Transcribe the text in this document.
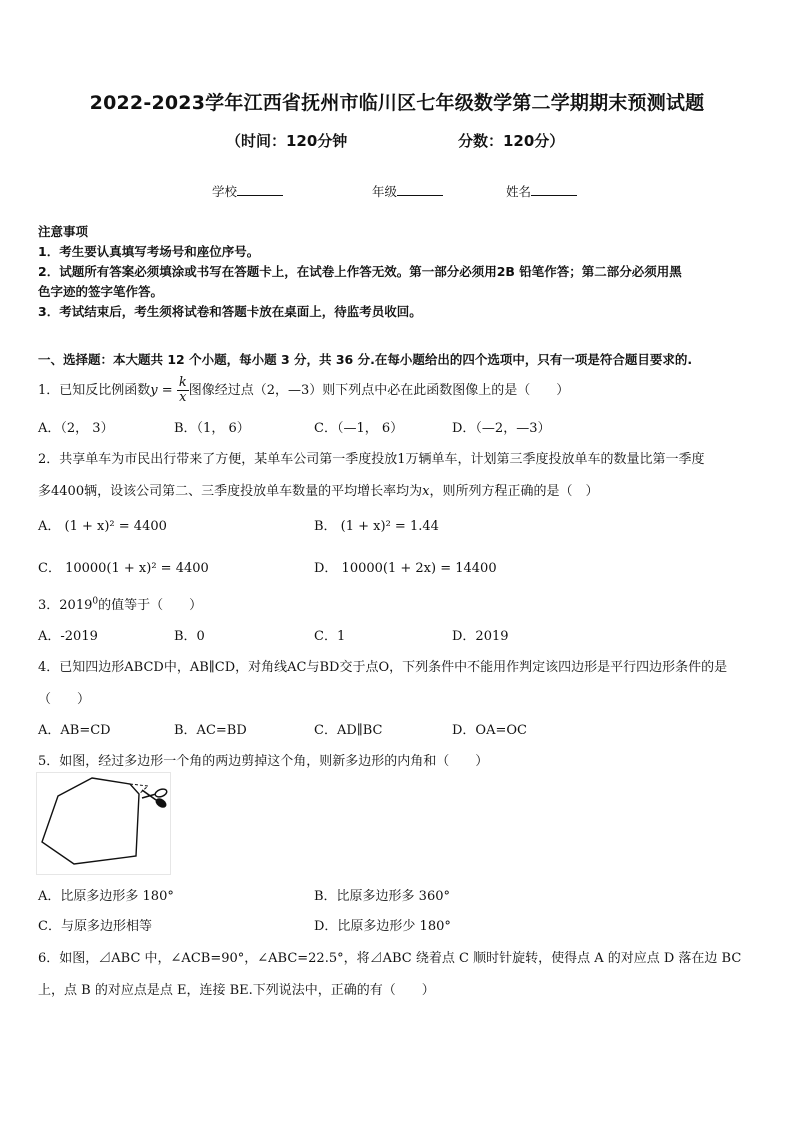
2022-2023学年江西省抚州市临川区七年级数学第二学期期末预测试题
（时间：120分钟	分数：120分）
学校	年级	姓名
注意事项
1．考生要认真填写考场号和座位序号。
2．试题所有答案必须填涂或书写在答题卡上，在试卷上作答无效。第一部分必须用2B 铅笔作答；第二部分必须用黑
色字迹的签字笔作答。
3．考试结束后，考生须将试卷和答题卡放在桌面上，待监考员收回。
一、选择题：本大题共 12 个小题，每小题 3 分，共 36 分.在每小题给出的四个选项中，只有一项是符合题目要求的.
1．已知反比例函数$y = \frac{k}{x}$ 图像经过点（2，—3）则下列点中必在此函数图像上的是（　　）
A．（2， 3）	B．（1， 6）	C．（—1， 6）	D．（—2，—3）
2．共享单车为市民出行带来了方便，某单车公司第一季度投放1万辆单车，计划第三季度投放单车的数量比第一季度
多4400辆，设该公司第二、三季度投放单车数量的平均增长率均为x，则所列方程正确的是（　）
A． (1 + x)² = 4400	B． (1 + x)² = 1.44
C． 10000(1 + x)² = 4400	D． 10000(1 + 2x) = 14400
3．2019$^0$的值等于（　　）
A．-2019	B．0	C．1	D．2019
4．已知四边形ABCD中，AB∥CD，对角线AC与BD交于点O，下列条件中不能用作判定该四边形是平行四边形条件的是
（　　）
A．AB=CD	B．AC=BD	C．AD∥BC	D．OA=OC
5．如图，经过多边形一个角的两边剪掉这个角，则新多边形的内角和（　　）
A．比原多边形多 180°	B．比原多边形多 360°
C．与原多边形相等	D．比原多边形少 180°
6．如图，⊿ABC 中，∠ACB=90°，∠ABC=22.5°，将⊿ABC 绕着点 C 顺时针旋转，使得点 A 的对应点 D 落在边 BC
上，点 B 的对应点是点 E，连接 BE.下列说法中，正确的有（　　）
